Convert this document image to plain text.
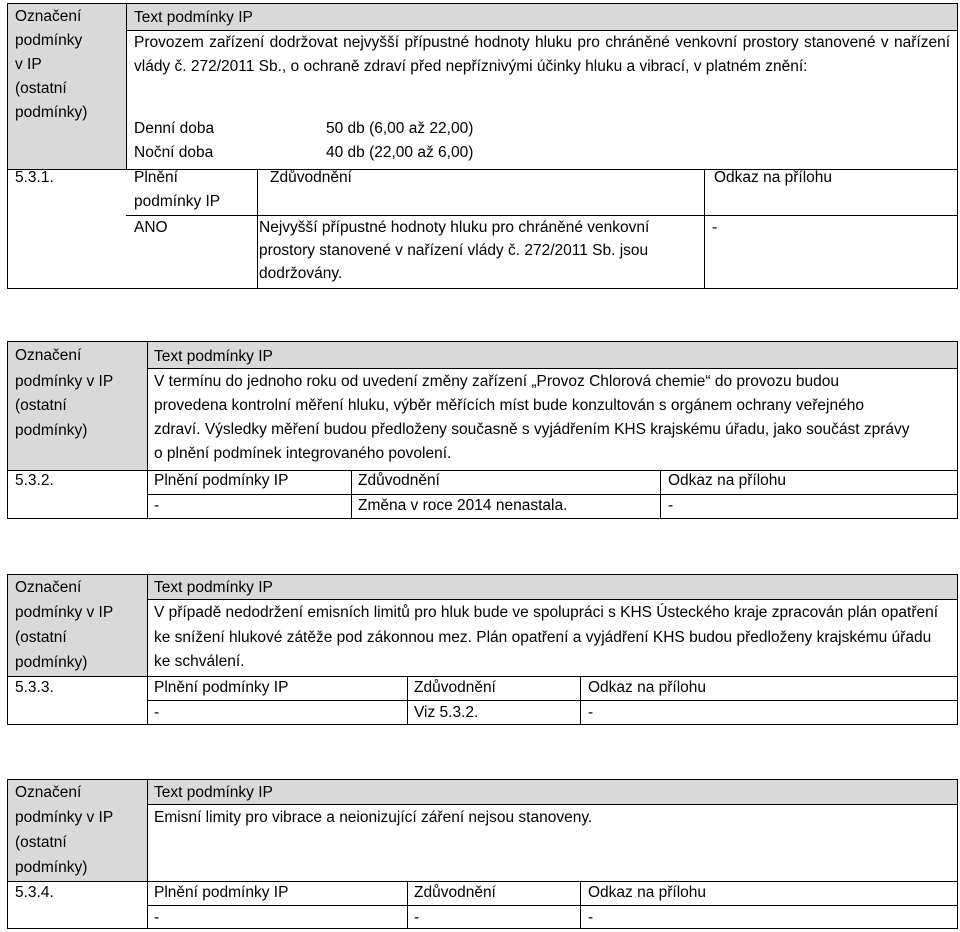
Označení
podmínky
v IP
(ostatní
podmínky)
Text podmínky IP
Provozem zařízení dodržovat nejvyšší přípustné hodnoty hluku pro chráněné venkovní prostory stanovené v nařízení vlády č. 272/2011 Sb., o ochraně zdraví před nepříznivými účinky hluku a vibrací, v platném znění:
Denní doba	50 db (6,00 až 22,00)
Noční doba	40 db (22,00 až 6,00)
5.3.1.	Plnění
podmínky IP
Zdůvodnění	Odkaz na přílohu
ANO	Nejvyšší přípustné hodnoty hluku pro chráněné venkovní prostory stanovené v nařízení vlády č. 272/2011 Sb. jsou dodržovány.
-
Označení
podmínky v IP
(ostatní
podmínky)
Text podmínky IP
V termínu do jednoho roku od uvedení změny zařízení „Provoz Chlorová chemie“ do provozu budou provedena kontrolní měření hluku, výběr měřících míst bude konzultován s orgánem ochrany veřejného zdraví. Výsledky měření budou předloženy současně s vyjádřením KHS krajskému úřadu, jako součást zprávy o plnění podmínek integrovaného povolení.
5.3.2.	Plnění podmínky IP	Zdůvodnění	Odkaz na přílohu
-	Změna v roce 2014 nenastala.	-
Označení
podmínky v IP
(ostatní
podmínky)
Text podmínky IP
V případě nedodržení emisních limitů pro hluk bude ve spolupráci s KHS Ústeckého kraje zpracován plán opatření ke snížení hlukové zátěže pod zákonnou mez. Plán opatření a vyjádření KHS budou předloženy krajskému úřadu ke schválení.
5.3.3.	Plnění podmínky IP	Zdůvodnění	Odkaz na přílohu
-	Viz 5.3.2.	-
Označení
podmínky v IP
(ostatní
podmínky)
Text podmínky IP
Emisní limity pro vibrace a neionizující záření nejsou stanoveny.
5.3.4.	Plnění podmínky IP	Zdůvodnění	Odkaz na přílohu
-	-	-
